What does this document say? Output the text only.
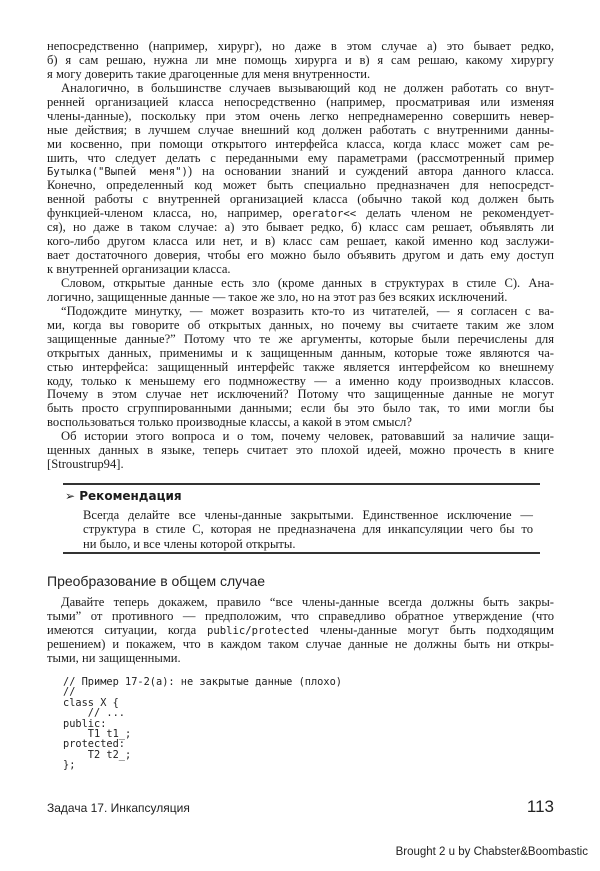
непосредственно (например, хирург), но даже в этом случае а) это бывает редко,
б) я сам решаю, нужна ли мне помощь хирурга и в) я сам решаю, какому хирургу
я могу доверить такие драгоценные для меня внутренности.
Аналогично, в большинстве случаев вызывающий код не должен работать со внут-
ренней организацией класса непосредственно (например, просматривая или изменяя
члены-данные), поскольку при этом очень легко непреднамеренно совершить невер-
ные действия; в лучшем случае внешний код должен работать с внутренними данны-
ми косвенно, при помощи открытого интерфейса класса, когда класс может сам ре-
шить, что следует делать с переданными ему параметрами (рассмотренный пример
Бутылка("Выпей меня")) на основании знаний и суждений автора данного класса.
Конечно, определенный код может быть специально предназначен для непосредст-
венной работы с внутренней организацией класса (обычно такой код должен быть
функцией-членом класса, но, например, operator<< делать членом не рекомендует-
ся), но даже в таком случае: а) это бывает редко, б) класс сам решает, объявлять ли
кого-либо другом класса или нет, и в) класс сам решает, какой именно код заслужи-
вает достаточного доверия, чтобы его можно было объявить другом и дать ему доступ
к внутренней организации класса.
Словом, открытые данные есть зло (кроме данных в структурах в стиле С). Ана-
логично, защищенные данные — такое же зло, но на этот раз без всяких исключений.
“Подождите минутку, — может возразить кто-то из читателей, — я согласен с ва-
ми, когда вы говорите об открытых данных, но почему вы считаете таким же злом
защищенные данные?” Потому что те же аргументы, которые были перечислены для
открытых данных, применимы и к защищенным данным, которые тоже являются ча-
стью интерфейса: защищенный интерфейс также является интерфейсом ко внешнему
коду, только к меньшему его подмножеству — а именно коду производных классов.
Почему в этом случае нет исключений? Потому что защищенные данные не могут
быть просто сгруппированными данными; если бы это было так, то ими могли бы
воспользоваться только производные классы, а какой в этом смысл?
Об истории этого вопроса и о том, почему человек, ратовавший за наличие защи-
щенных данных в языке, теперь считает это плохой идеей, можно прочесть в книге
[Stroustrup94].
➢ Рекомендация
Всегда делайте все члены-данные закрытыми. Единственное исключение —
структура в стиле С, которая не предназначена для инкапсуляции чего бы то
ни было, и все члены которой открыты.
Преобразование в общем случае
Давайте теперь докажем, правило “все члены-данные всегда должны быть закры-
тыми” от противного — предположим, что справедливо обратное утверждение (что
имеются ситуации, когда public/protected члены-данные могут быть подходящим
решением) и покажем, что в каждом таком случае данные не должны быть ни откры-
тыми, ни защищенными.
// Пример 17-2(а): не закрытые данные (плохо)
//
class X {
// ...
public:
T1 t1_;
protected:
T2 t2_;
};
Задача 17. Инкапсуляция	113
Brought 2 u by Chabster&Boombastic
